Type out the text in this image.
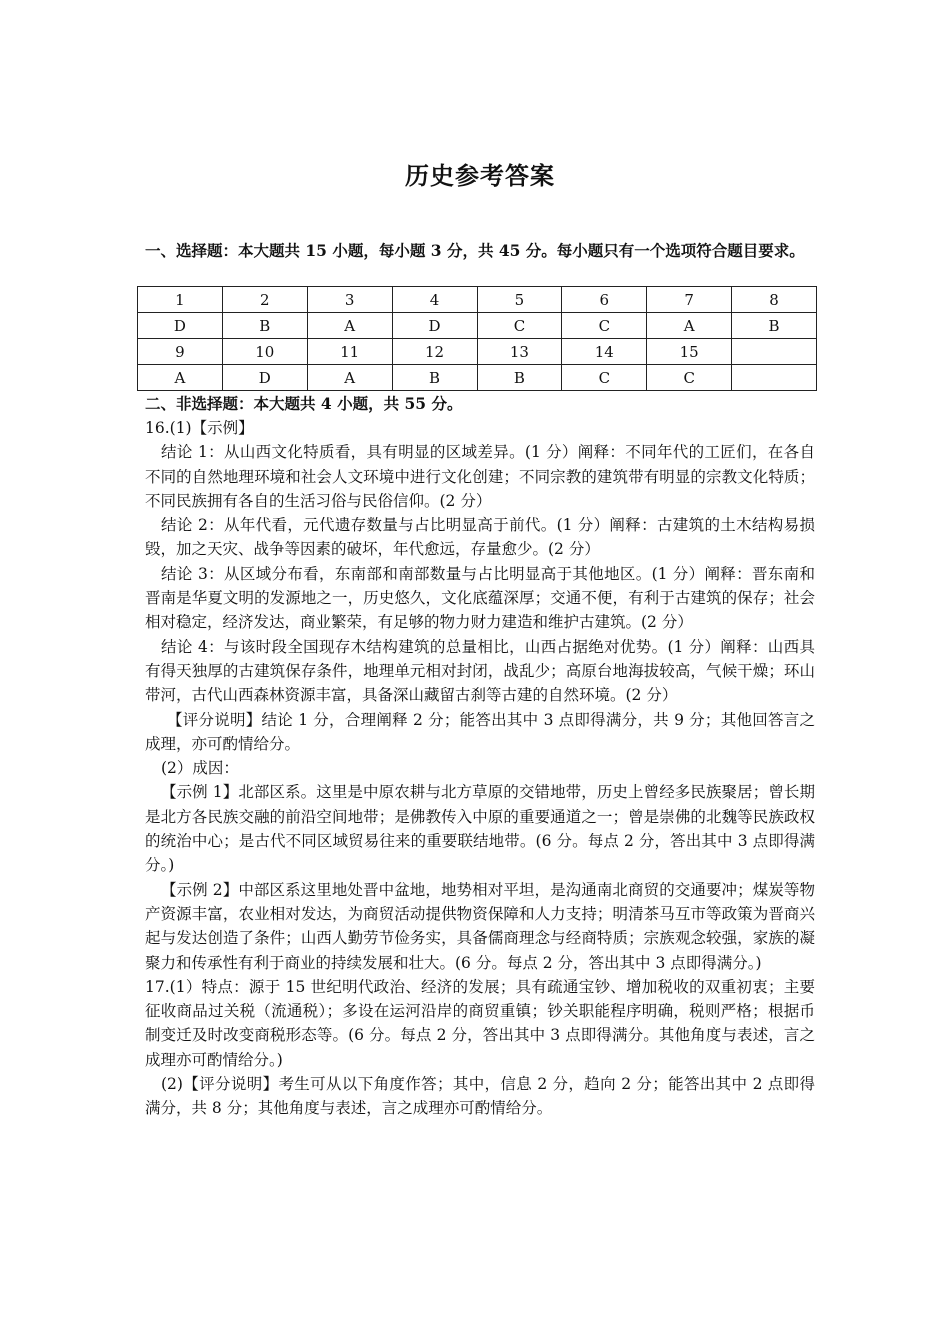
历史参考答案
一、选择题：本大题共 15 小题，每小题 3 分，共 45 分。每小题只有一个选项符合题目要求。
1	2	3	4	5	6	7	8
D	B	A	D	C	C	A	B
9	10	11	12	13	14	15	
A	D	A	B	B	C	C	
二、非选择题：本大题共 4 小题，共 55 分。

16.(1)【示例】

结论 1：从山西文化特质看，具有明显的区域差异。(1 分）阐释：不同年代的工匠们，在各自不同的自然地理环境和社会人文环境中进行文化创建；不同宗教的建筑带有明显的宗教文化特质；不同民族拥有各自的生活习俗与民俗信仰。(2 分）

结论 2：从年代看，元代遗存数量与占比明显高于前代。(1 分）阐释：古建筑的土木结构易损毁，加之天灾、战争等因素的破坏，年代愈远，存量愈少。(2 分）

结论 3：从区域分布看，东南部和南部数量与占比明显高于其他地区。(1 分）阐释：晋东南和晋南是华夏文明的发源地之一，历史悠久，文化底蕴深厚；交通不便，有利于古建筑的保存；社会相对稳定，经济发达，商业繁荣，有足够的物力财力建造和维护古建筑。(2 分）

结论 4：与该时段全国现存木结构建筑的总量相比，山西占据绝对优势。(1 分）阐释：山西具有得天独厚的古建筑保存条件，地理单元相对封闭，战乱少；高原台地海拔较高，气候干燥；环山带河，古代山西森林资源丰富，具备深山藏留古刹等古建的自然环境。(2 分）

【评分说明】结论 1 分，合理阐释 2 分；能答出其中 3 点即得满分，共 9 分；其他回答言之成理，亦可酌情给分。

(2）成因：

【示例 1】北部区系。这里是中原农耕与北方草原的交错地带，历史上曾经多民族聚居；曾长期是北方各民族交融的前沿空间地带；是佛教传入中原的重要通道之一；曾是崇佛的北魏等民族政权的统治中心；是古代不同区域贸易往来的重要联结地带。(6 分。每点 2 分，答出其中 3 点即得满分。)

【示例 2】中部区系这里地处晋中盆地，地势相对平坦，是沟通南北商贸的交通要冲；煤炭等物产资源丰富，农业相对发达，为商贸活动提供物资保障和人力支持；明清茶马互市等政策为晋商兴起与发达创造了条件；山西人勤劳节俭务实，具备儒商理念与经商特质；宗族观念较强，家族的凝聚力和传承性有利于商业的持续发展和壮大。(6 分。每点 2 分，答出其中 3 点即得满分。)

17.(1）特点：源于 15 世纪明代政治、经济的发展；具有疏通宝钞、增加税收的双重初衷；主要征收商品过关税（流通税）；多设在运河沿岸的商贸重镇；钞关职能程序明确，税则严格；根据币制变迁及时改变商税形态等。(6 分。每点 2 分，答出其中 3 点即得满分。其他角度与表述，言之成理亦可酌情给分。)

(2)【评分说明】考生可从以下角度作答；其中，信息 2 分，趋向 2 分；能答出其中 2 点即得满分，共 8 分；其他角度与表述，言之成理亦可酌情给分。
